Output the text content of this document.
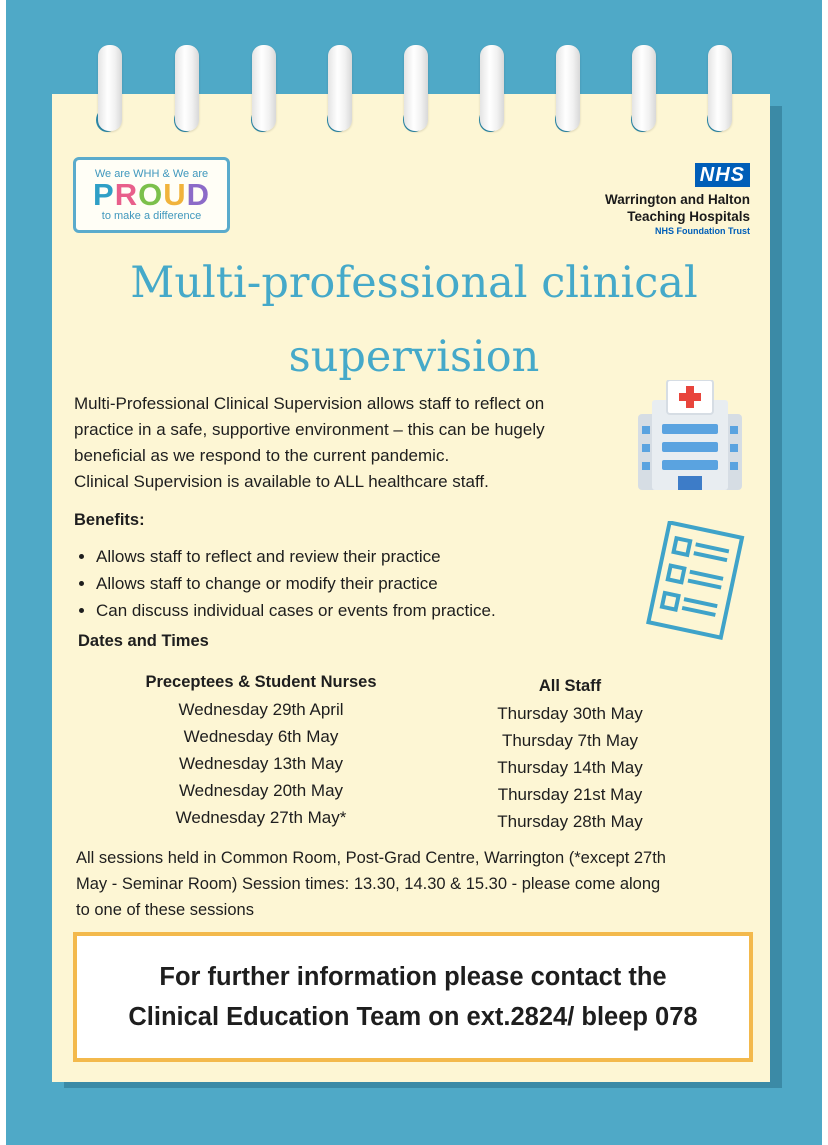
We are WHH & We are
PROUD
to make a difference
NHS
Warrington and Halton
Teaching Hospitals
NHS Foundation Trust
Multi-professional clinical
supervision
Multi-Professional Clinical Supervision allows staff to reflect on
practice in a safe, supportive environment – this can be hugely
beneficial as we respond to the current pandemic.
Clinical Supervision is available to ALL healthcare staff.
Benefits:
• Allows staff to reflect and review their practice
• Allows staff to change or modify their practice
• Can discuss individual cases or events from practice.
Dates and Times
Preceptees & Student Nurses
Wednesday 29th April
Wednesday 6th May
Wednesday 13th May
Wednesday 20th May
Wednesday 27th May*
All Staff
Thursday 30th May
Thursday 7th May
Thursday 14th May
Thursday 21st May
Thursday 28th May
All sessions held in Common Room, Post-Grad Centre, Warrington (*except 27th
May - Seminar Room) Session times: 13.30, 14.30 & 15.30 - please come along
to one of these sessions
For further information please contact the
Clinical Education Team on ext.2824/ bleep 078
